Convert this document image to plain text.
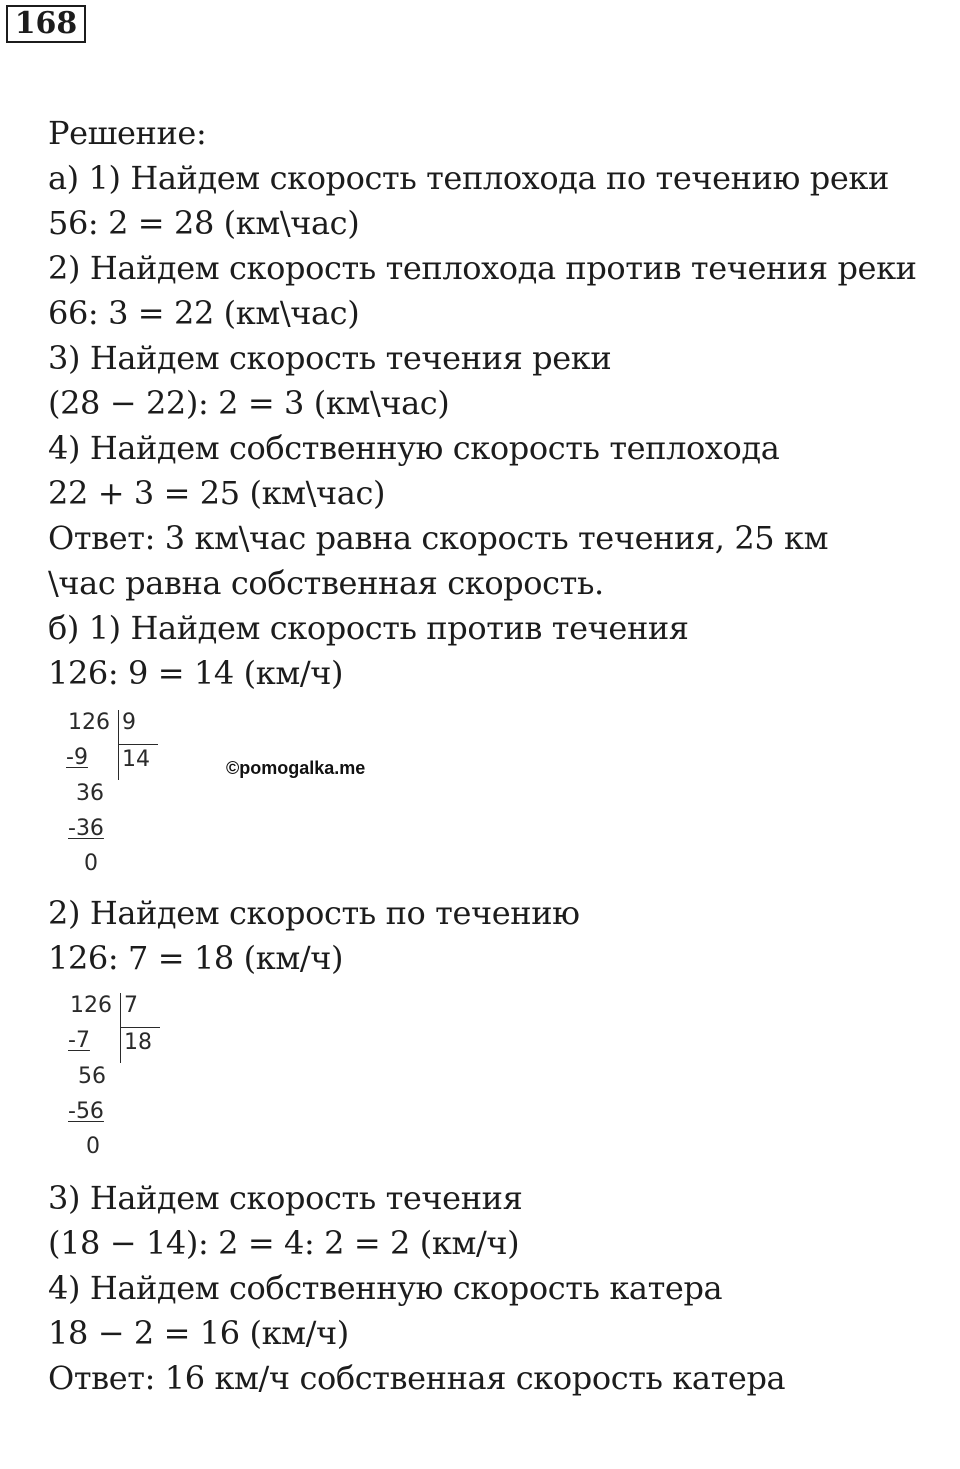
168
Решение:
а) 1) Найдем скорость теплохода по течению реки
56: 2 = 28 (км\час)
2) Найдем скорость теплохода против течения реки
66: 3 = 22 (км\час)
3) Найдем скорость течения реки
(28 − 22): 2 = 3 (км\час)
4) Найдем собственную скорость теплохода
22 + 3 = 25 (км\час)
Ответ: 3 км\час равна скорость течения, 25 км
\час равна собственная скорость.
б) 1) Найдем скорость против течения
126: 9 = 14 (км/ч)
126 9
-9 14
36
-36
0
©pomogalka.me
2) Найдем скорость по течению
126: 7 = 18 (км/ч)
126 7
-7 18
56
-56
0
3) Найдем скорость течения
(18 − 14): 2 = 4: 2 = 2 (км/ч)
4) Найдем собственную скорость катера
18 − 2 = 16 (км/ч)
Ответ: 16 км/ч собственная скорость катера
